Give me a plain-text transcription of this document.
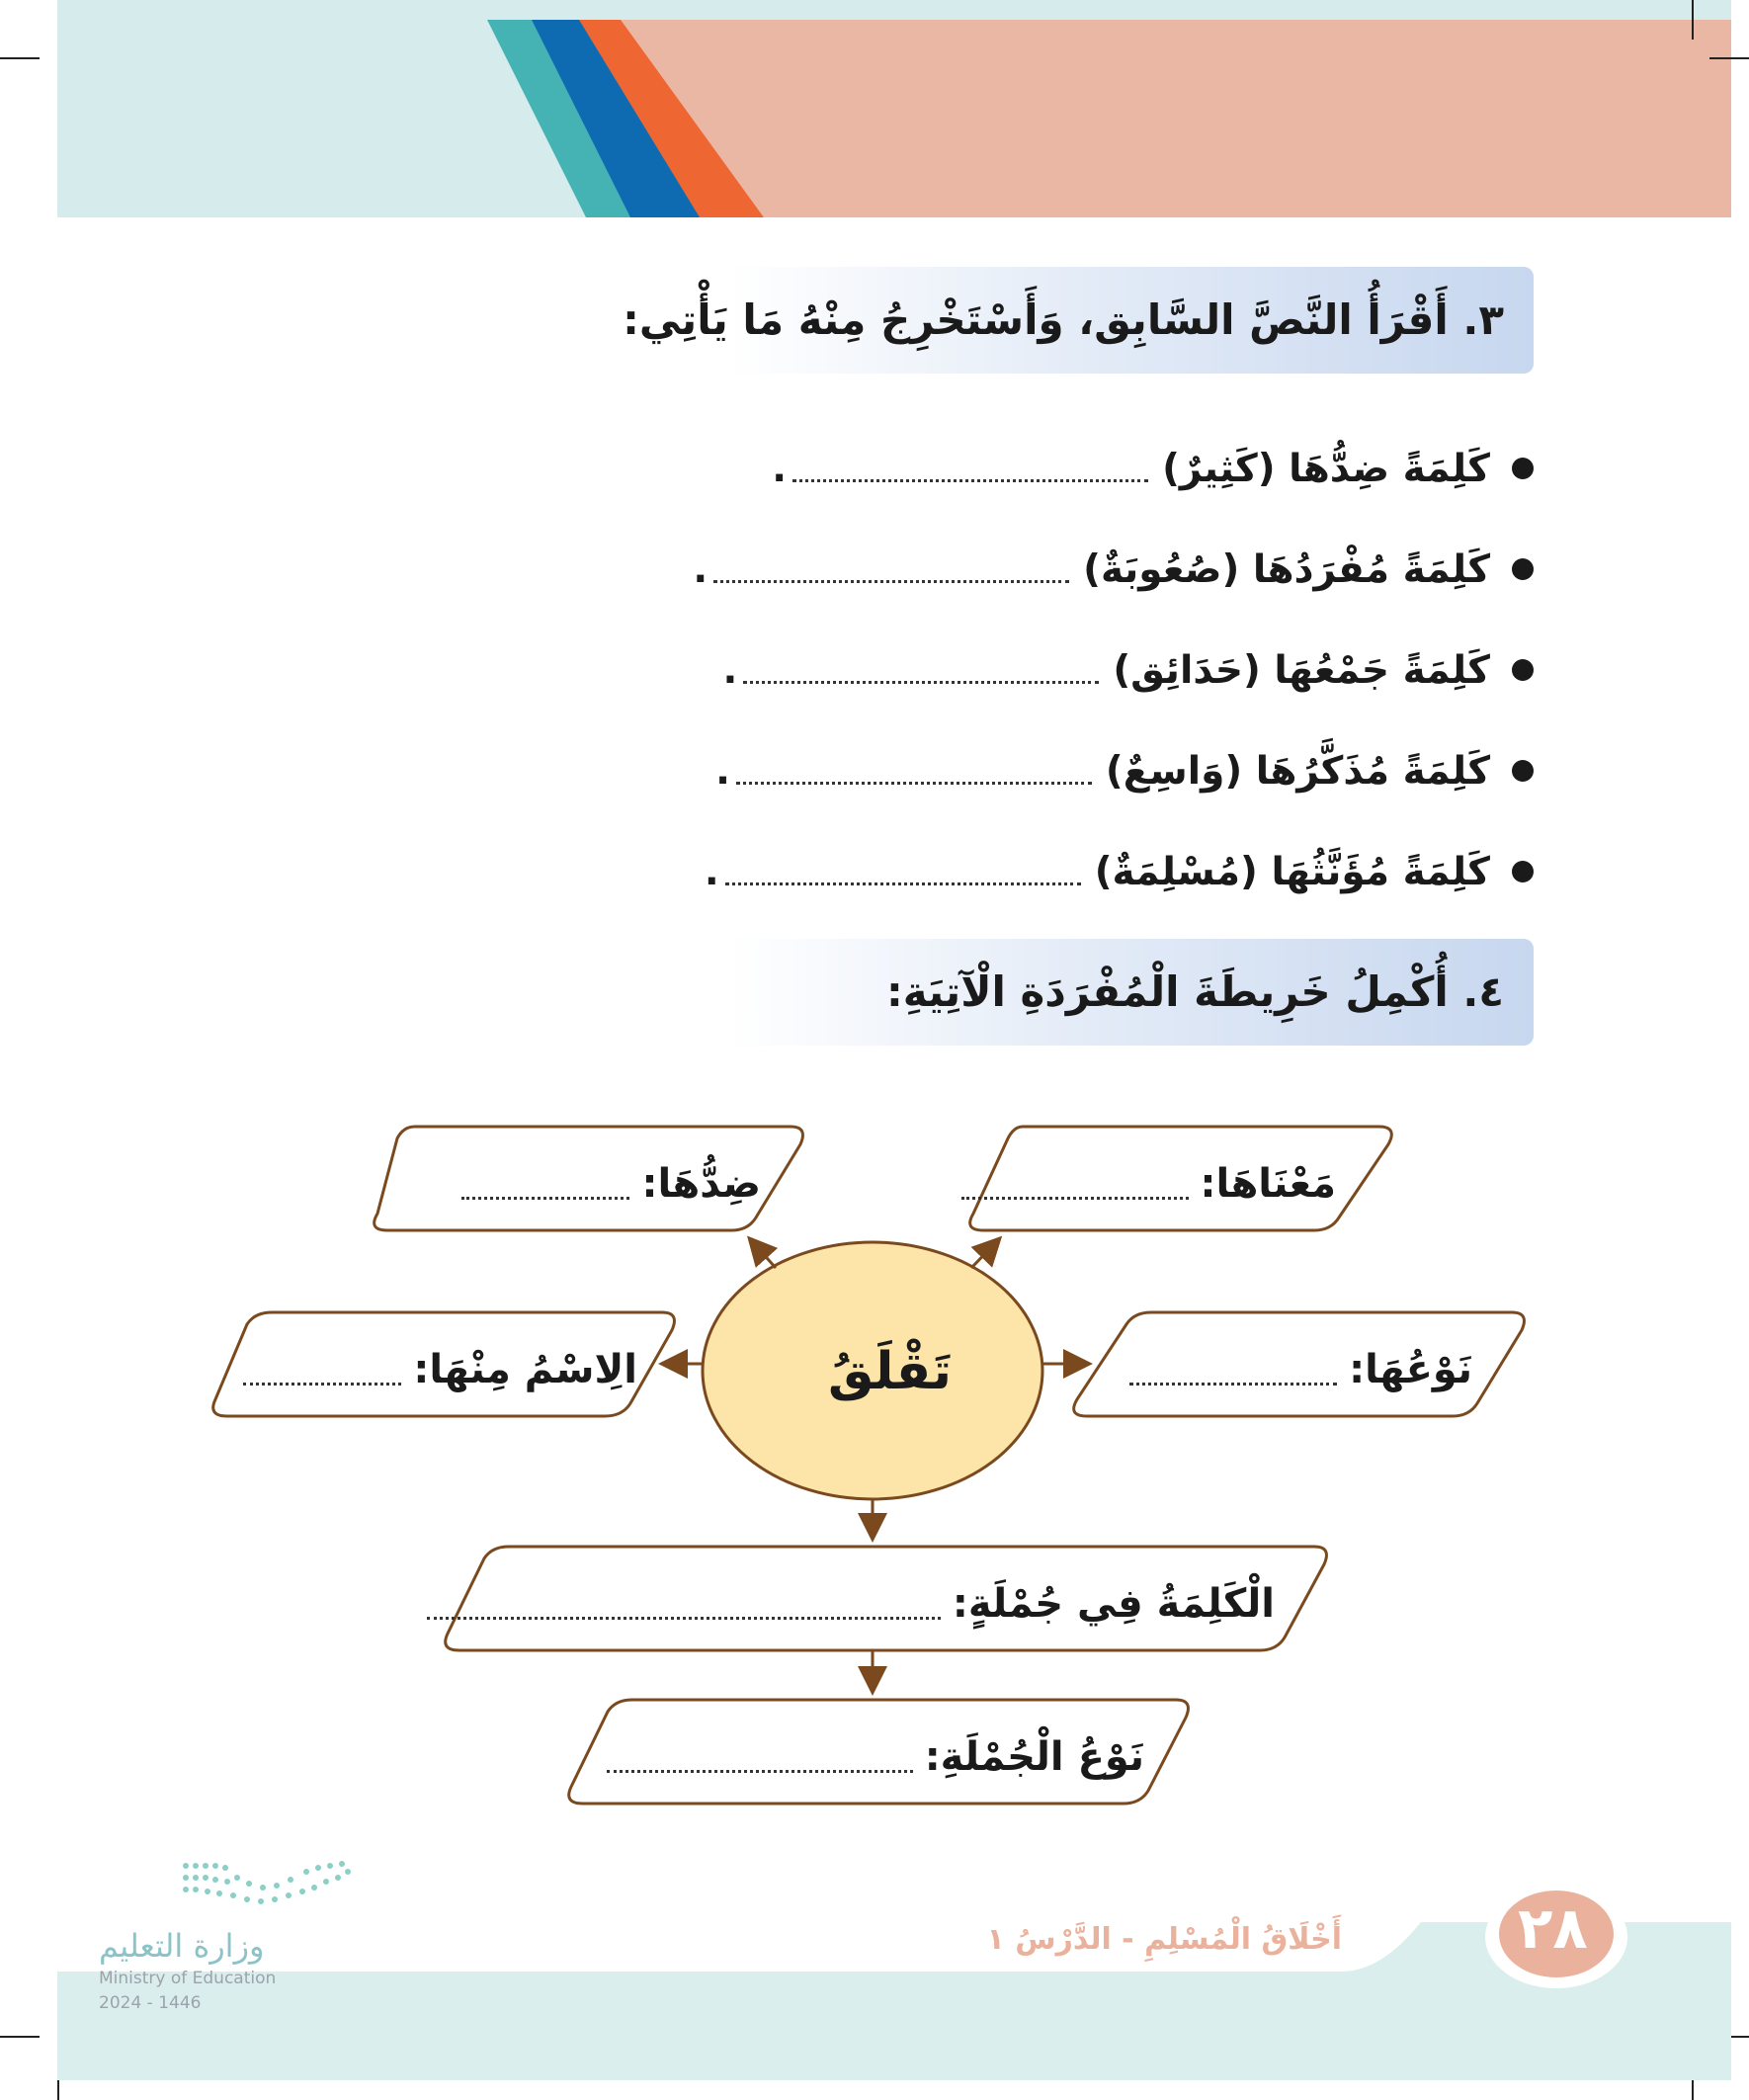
٣. أَقْرَأُ النَّصَّ السَّابِق، وَأَسْتَخْرِجُ مِنْهُ مَا يَأْتِي:
كَلِمَةً ضِدُّهَا (كَثِيرٌ)
.
كَلِمَةً مُفْرَدُهَا (صُعُوبَةٌ)
.
كَلِمَةً جَمْعُهَا (حَدَائِق)
.
كَلِمَةً مُذَكَّرُهَا (وَاسِعٌ)
.
كَلِمَةً مُؤَنَّثُهَا (مُسْلِمَةٌ)
.
٤. أُكْمِلُ خَرِيطَةَ الْمُفْرَدَةِ الْآتِيَةِ:
تَقْلَقُ
مَعْنَاهَا:
ضِدُّهَا:
نَوْعُهَا:
الِاسْمُ مِنْهَا:
الْكَلِمَةُ فِي جُمْلَةٍ:
نَوْعُ الْجُمْلَةِ:
٢٨
أَخْلَاقُ الْمُسْلِمِ - الدَّرْسُ ١
وزارة التعليم
Ministry of Education
2024 - 1446
